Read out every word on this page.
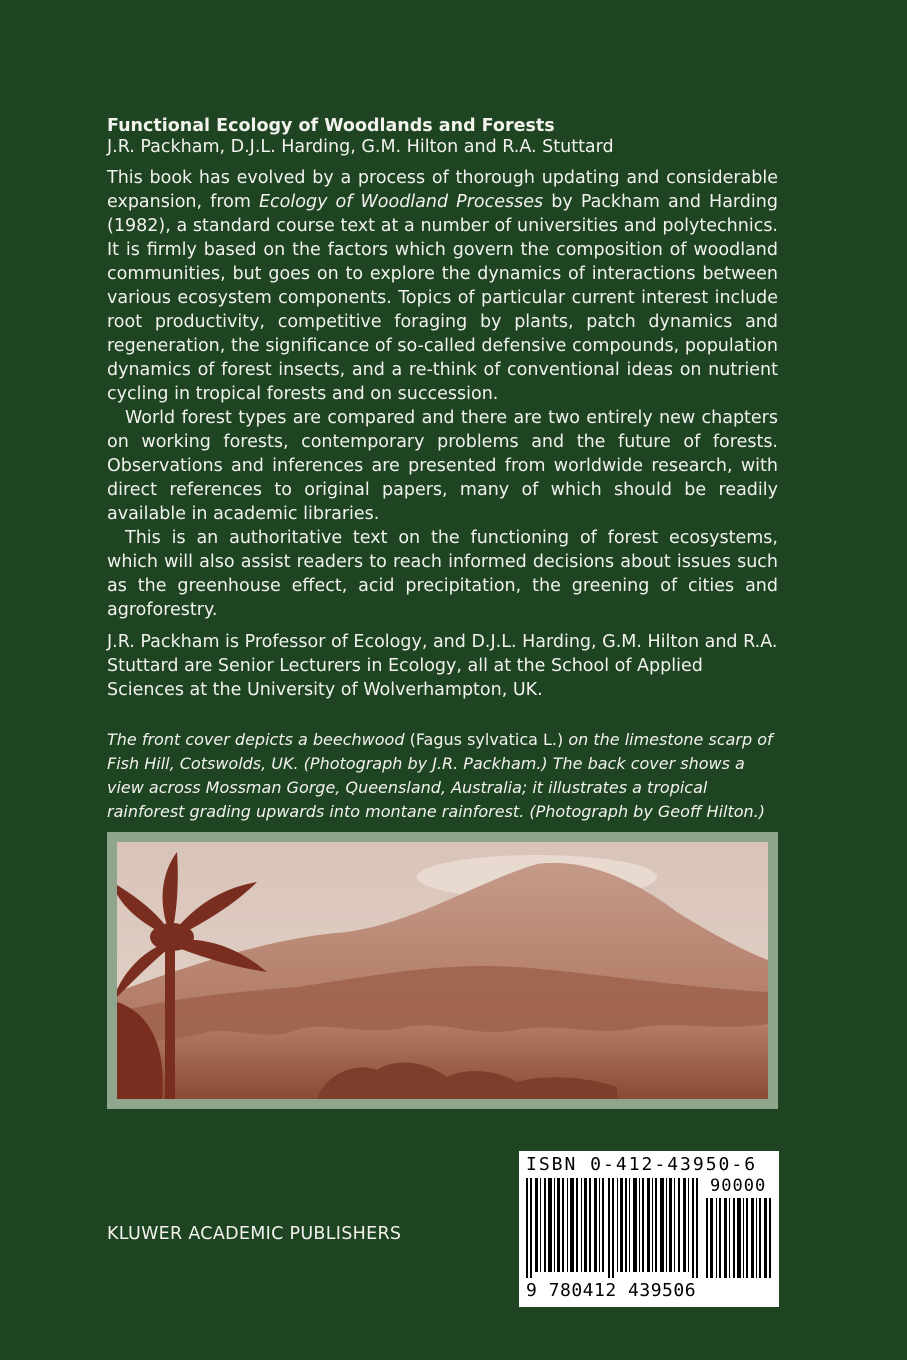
Functional Ecology of Woodlands and Forests

J.R. Packham, D.J.L. Harding, G.M. Hilton and R.A. Stuttard

This book has evolved by a process of thorough updating and considerable expansion, from Ecology of Woodland Processes by Packham and Harding (1982), a standard course text at a number of universities and polytechnics. It is firmly based on the factors which govern the composition of woodland communities, but goes on to explore the dynamics of interactions between various ecosystem components. Topics of particular current interest include root productivity, competitive foraging by plants, patch dynamics and regeneration, the significance of so-called defensive compounds, population dynamics of forest insects, and a re-think of conventional ideas on nutrient cycling in tropical forests and on succession.

World forest types are compared and there are two entirely new chapters on working forests, contemporary problems and the future of forests. Observations and inferences are presented from worldwide research, with direct references to original papers, many of which should be readily available in academic libraries.

This is an authoritative text on the functioning of forest ecosystems, which will also assist readers to reach informed decisions about issues such as the greenhouse effect, acid precipitation, the greening of cities and agroforestry.

J.R. Packham is Professor of Ecology, and D.J.L. Harding, G.M. Hilton and R.A. Stuttard are Senior Lecturers in Ecology, all at the School of Applied Sciences at the University of Wolverhampton, UK.

The front cover depicts a beechwood (Fagus sylvatica L.) on the limestone scarp of Fish Hill, Cotswolds, UK. (Photograph by J.R. Packham.) The back cover shows a view across Mossman Gorge, Queensland, Australia; it illustrates a tropical rainforest grading upwards into montane rainforest. (Photograph by Geoff Hilton.)

KLUWER ACADEMIC PUBLISHERS
ISBN 0-412-43950-6
90000
9 780412 439506
